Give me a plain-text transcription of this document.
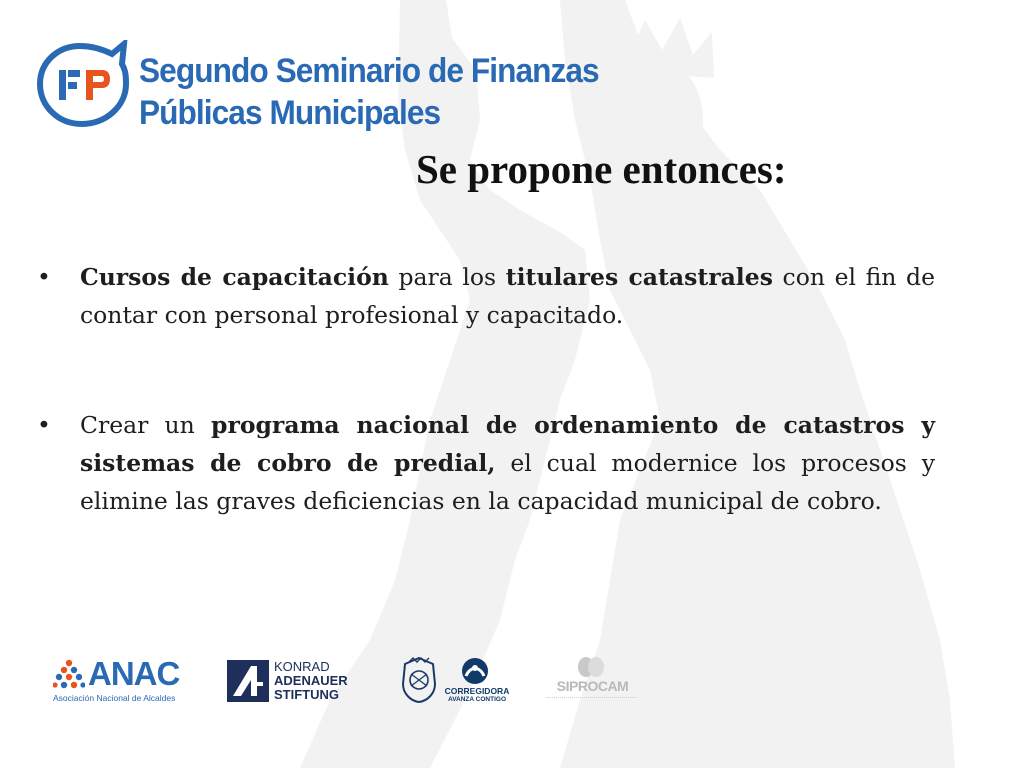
Segundo Seminario de Finanzas
Públicas Municipales
Se propone entonces:
• Cursos de capacitación para los titulares catastrales con el fin de contar con personal profesional y capacitado.
• Crear un programa nacional de ordenamiento de catastros y sistemas de cobro de predial, el cual modernice los procesos y elimine las graves deficiencias en la capacidad municipal de cobro.
ANAC
Asociación Nacional de Alcaldes
KONRAD
ADENAUER
STIFTUNG	CORREGIDORA
AVANZA CONTIGO
SIPROCAM
